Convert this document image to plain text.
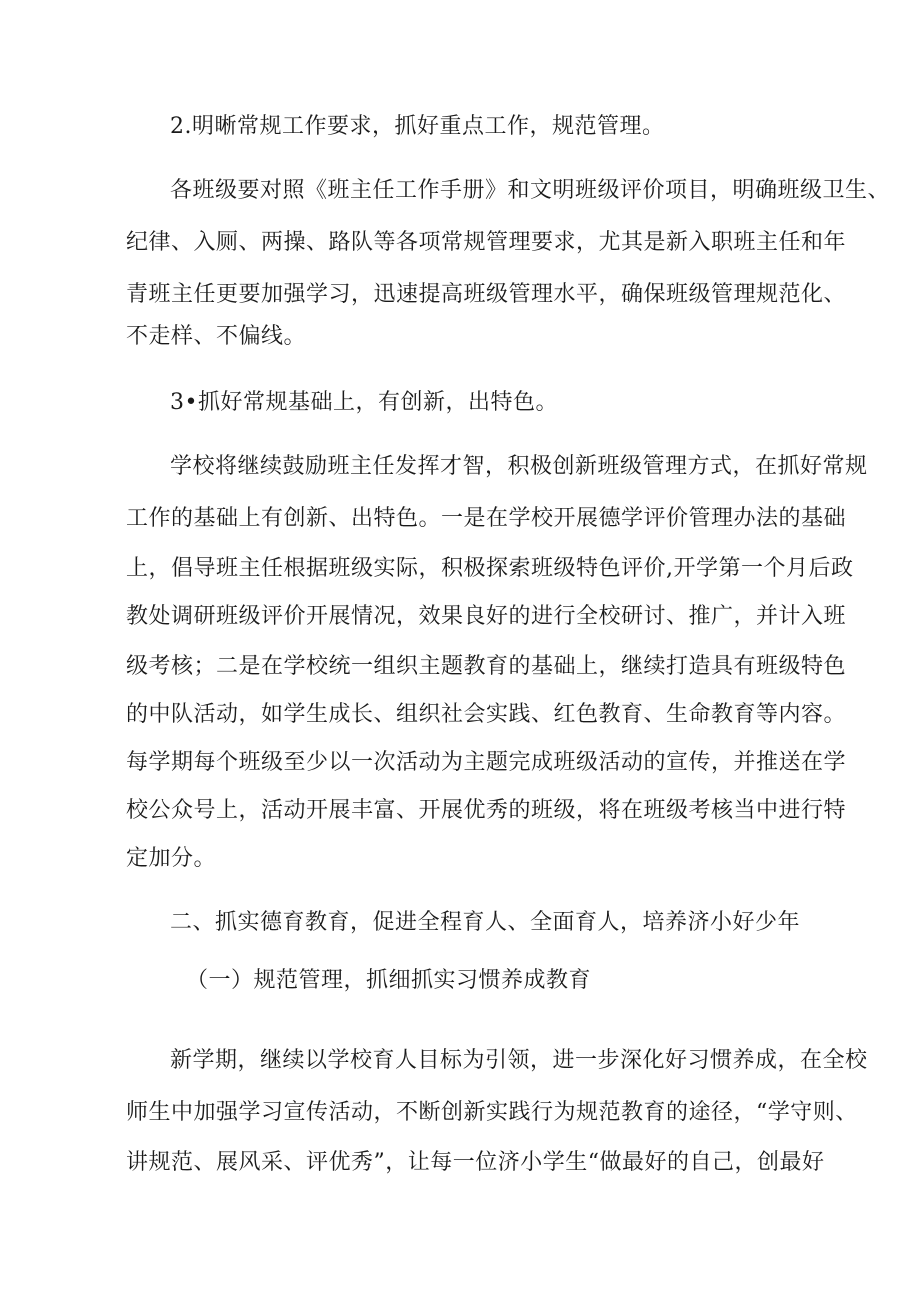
2.明晰常规工作要求，抓好重点工作，规范管理。
各班级要对照《班主任工作手册》和文明班级评价项目，明确班级卫生、
纪律、入厕、两操、路队等各项常规管理要求，尤其是新入职班主任和年
青班主任更要加强学习，迅速提高班级管理水平，确保班级管理规范化、
不走样、不偏线。
3•抓好常规基础上，有创新，出特色。
学校将继续鼓励班主任发挥才智，积极创新班级管理方式，在抓好常规
工作的基础上有创新、出特色。一是在学校开展德学评价管理办法的基础
上，倡导班主任根据班级实际，积极探索班级特色评价,开学第一个月后政
教处调研班级评价开展情况，效果良好的进行全校研讨、推广，并计入班
级考核；二是在学校统一组织主题教育的基础上，继续打造具有班级特色
的中队活动，如学生成长、组织社会实践、红色教育、生命教育等内容。
每学期每个班级至少以一次活动为主题完成班级活动的宣传，并推送在学
校公众号上，活动开展丰富、开展优秀的班级，将在班级考核当中进行特
定加分。
二、抓实德育教育，促进全程育人、全面育人，培养济小好少年
（一）规范管理，抓细抓实习惯养成教育
新学期，继续以学校育人目标为引领，进一步深化好习惯养成，在全校
师生中加强学习宣传活动，不断创新实践行为规范教育的途径，“学守则、
讲规范、展风采、评优秀”，让每一位济小学生“做最好的自己，创最好
